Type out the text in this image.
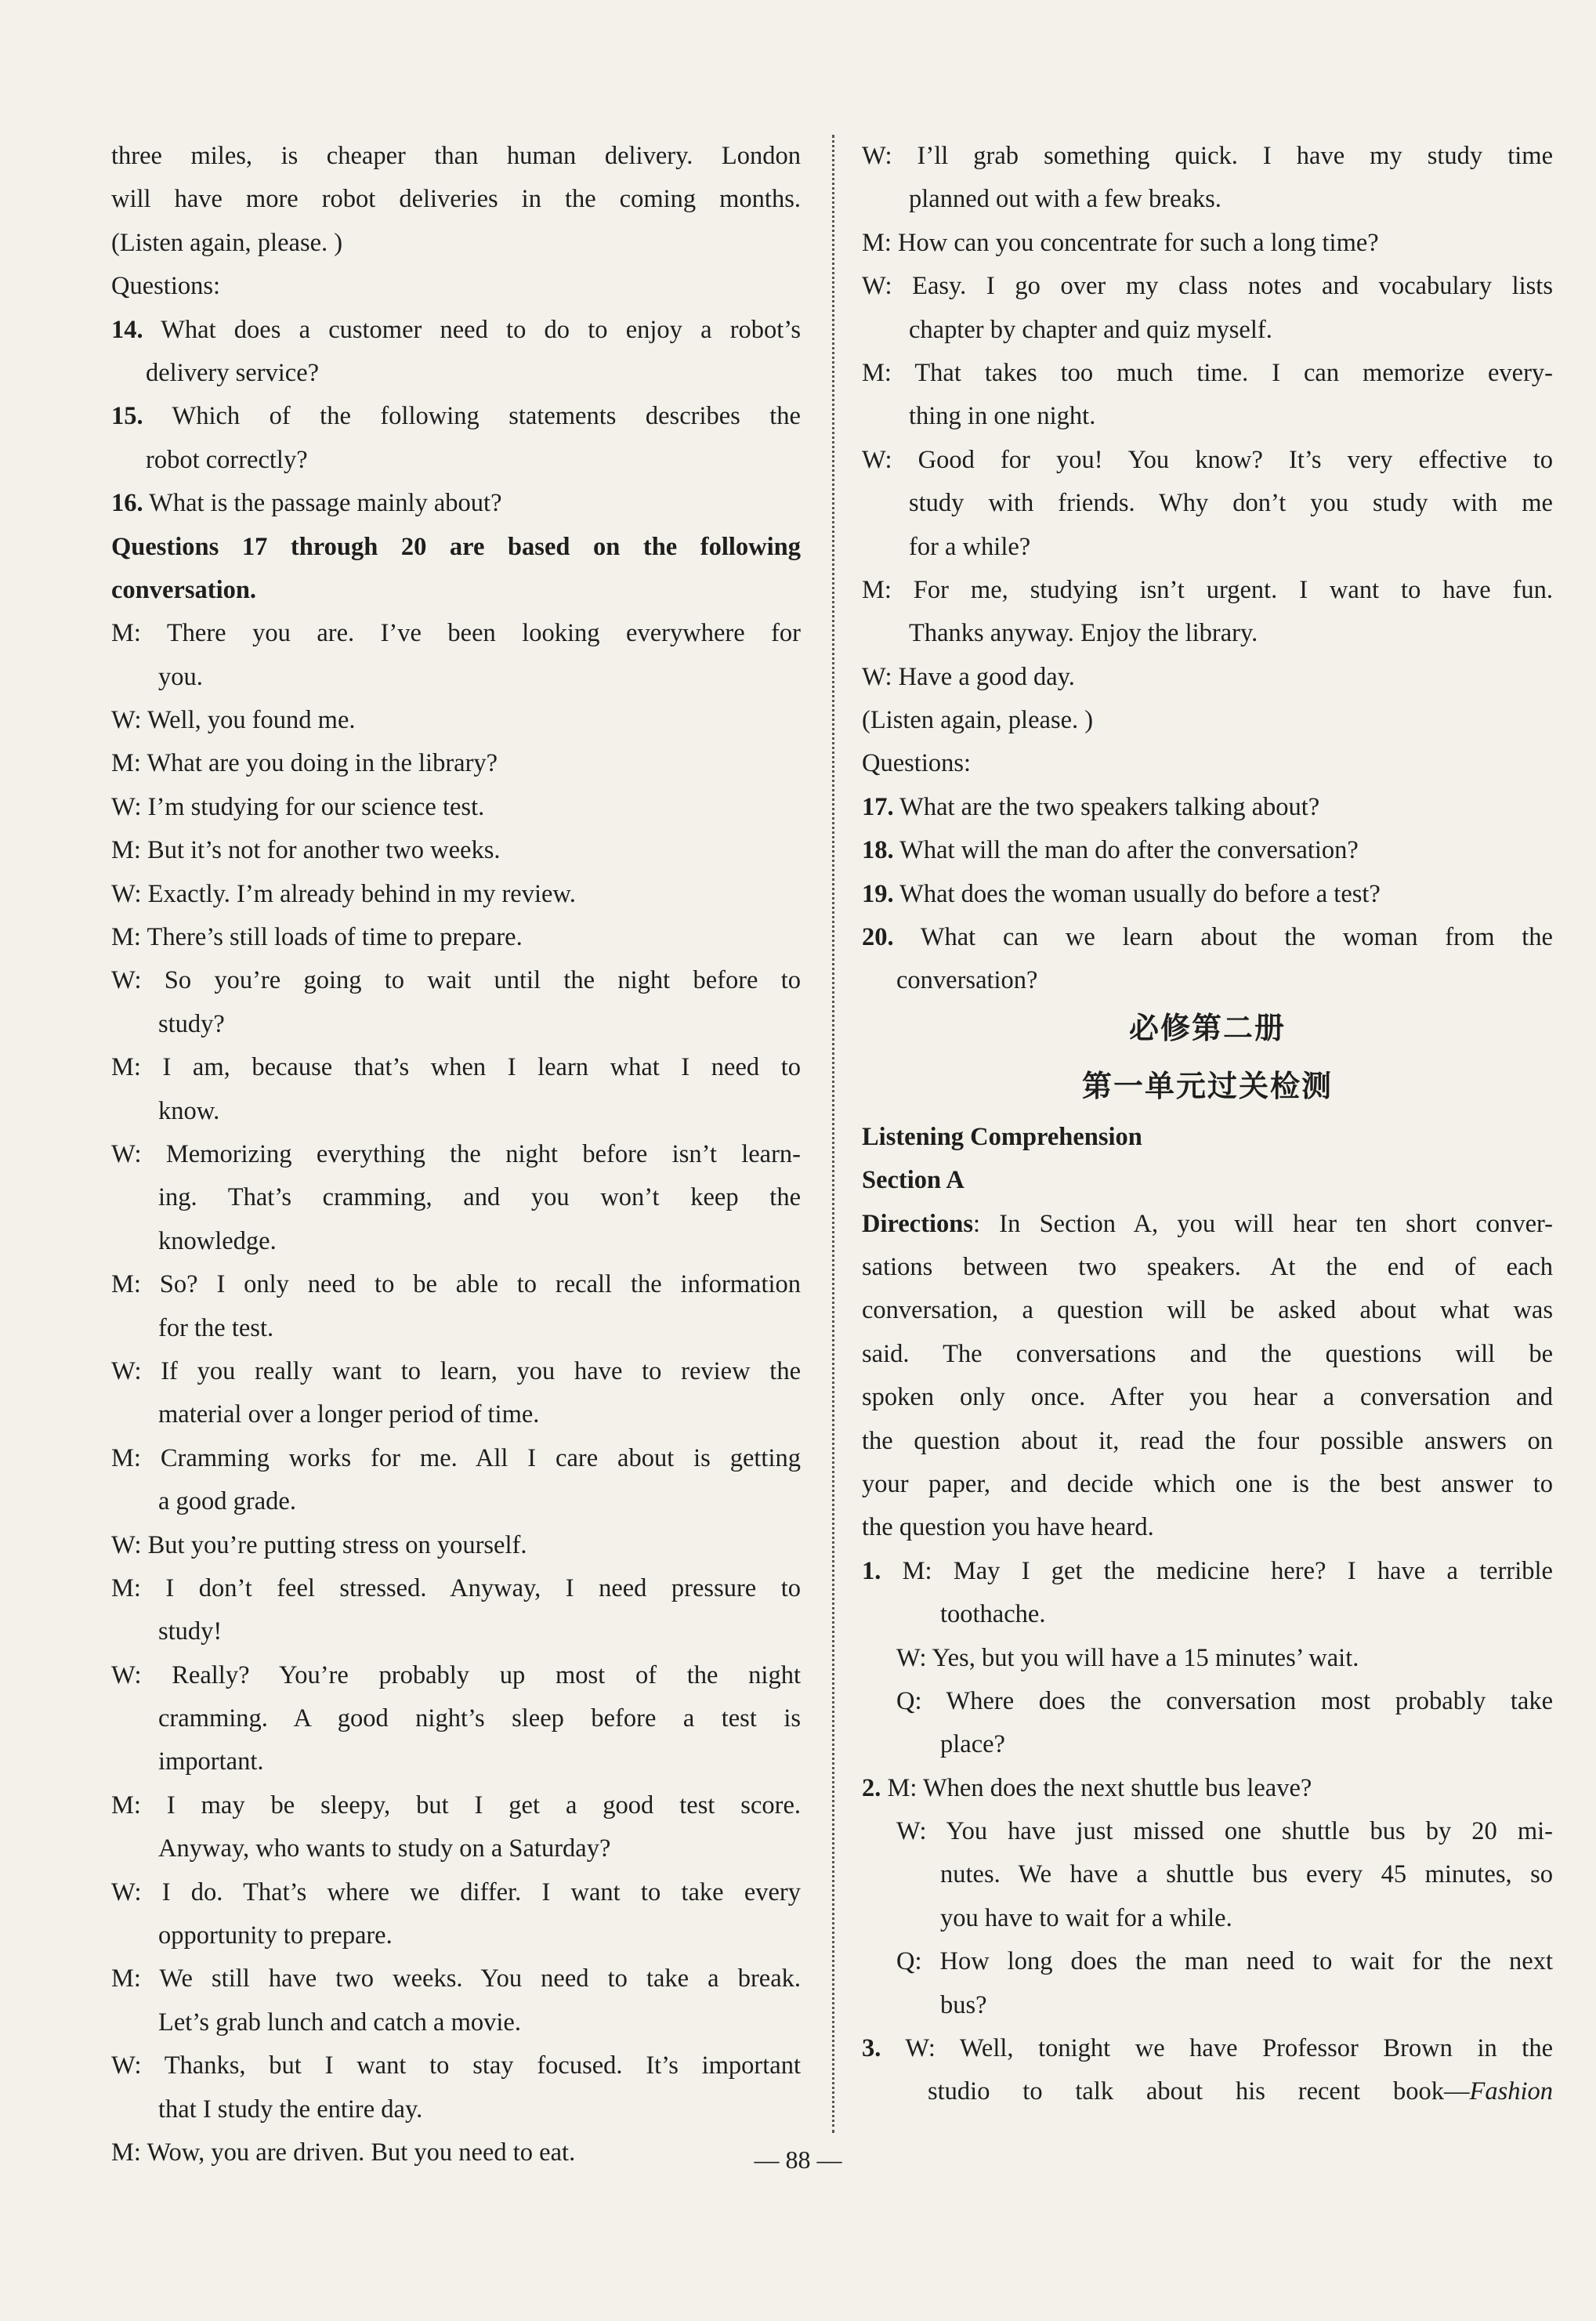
three miles, is cheaper than human delivery. London
will have more robot deliveries in the coming months.
(Listen again, please. )
Questions:
14. What does a customer need to do to enjoy a robot’s
delivery service?
15. Which of the following statements describes the
robot correctly?
16. What is the passage mainly about?
Questions 17 through 20 are based on the following
conversation.
M: There you are. I’ve been looking everywhere for
you.
W: Well, you found me.
M: What are you doing in the library?
W: I’m studying for our science test.
M: But it’s not for another two weeks.
W: Exactly. I’m already behind in my review.
M: There’s still loads of time to prepare.
W: So you’re going to wait until the night before to
study?
M: I am, because that’s when I learn what I need to
know.
W: Memorizing everything the night before isn’t learn-
ing. That’s cramming, and you won’t keep the
knowledge.
M: So? I only need to be able to recall the information
for the test.
W: If you really want to learn, you have to review the
material over a longer period of time.
M: Cramming works for me. All I care about is getting
a good grade.
W: But you’re putting stress on yourself.
M: I don’t feel stressed. Anyway, I need pressure to
study!
W: Really? You’re probably up most of the night
cramming. A good night’s sleep before a test is
important.
M: I may be sleepy, but I get a good test score.
Anyway, who wants to study on a Saturday?
W: I do. That’s where we differ. I want to take every
opportunity to prepare.
M: We still have two weeks. You need to take a break.
Let’s grab lunch and catch a movie.
W: Thanks, but I want to stay focused. It’s important
that I study the entire day.
M: Wow, you are driven. But you need to eat.
W: I’ll grab something quick. I have my study time
planned out with a few breaks.
M: How can you concentrate for such a long time?
W: Easy. I go over my class notes and vocabulary lists
chapter by chapter and quiz myself.
M: That takes too much time. I can memorize every-
thing in one night.
W: Good for you! You know? It’s very effective to
study with friends. Why don’t you study with me
for a while?
M: For me, studying isn’t urgent. I want to have fun.
Thanks anyway. Enjoy the library.
W: Have a good day.
(Listen again, please. )
Questions:
17. What are the two speakers talking about?
18. What will the man do after the conversation?
19. What does the woman usually do before a test?
20. What can we learn about the woman from the
conversation?
必修第二册
第一单元过关检测
Listening Comprehension
Section A
Directions: In Section A, you will hear ten short conver-
sations between two speakers. At the end of each
conversation, a question will be asked about what was
said. The conversations and the questions will be
spoken only once. After you hear a conversation and
the question about it, read the four possible answers on
your paper, and decide which one is the best answer to
the question you have heard.
1. M: May I get the medicine here? I have a terrible
toothache.
W: Yes, but you will have a 15 minutes’ wait.
Q: Where does the conversation most probably take
place?
2. M: When does the next shuttle bus leave?
W: You have just missed one shuttle bus by 20 mi-
nutes. We have a shuttle bus every 45 minutes, so
you have to wait for a while.
Q: How long does the man need to wait for the next
bus?
3. W: Well, tonight we have Professor Brown in the
studio to talk about his recent book—Fashion
— 88 —
